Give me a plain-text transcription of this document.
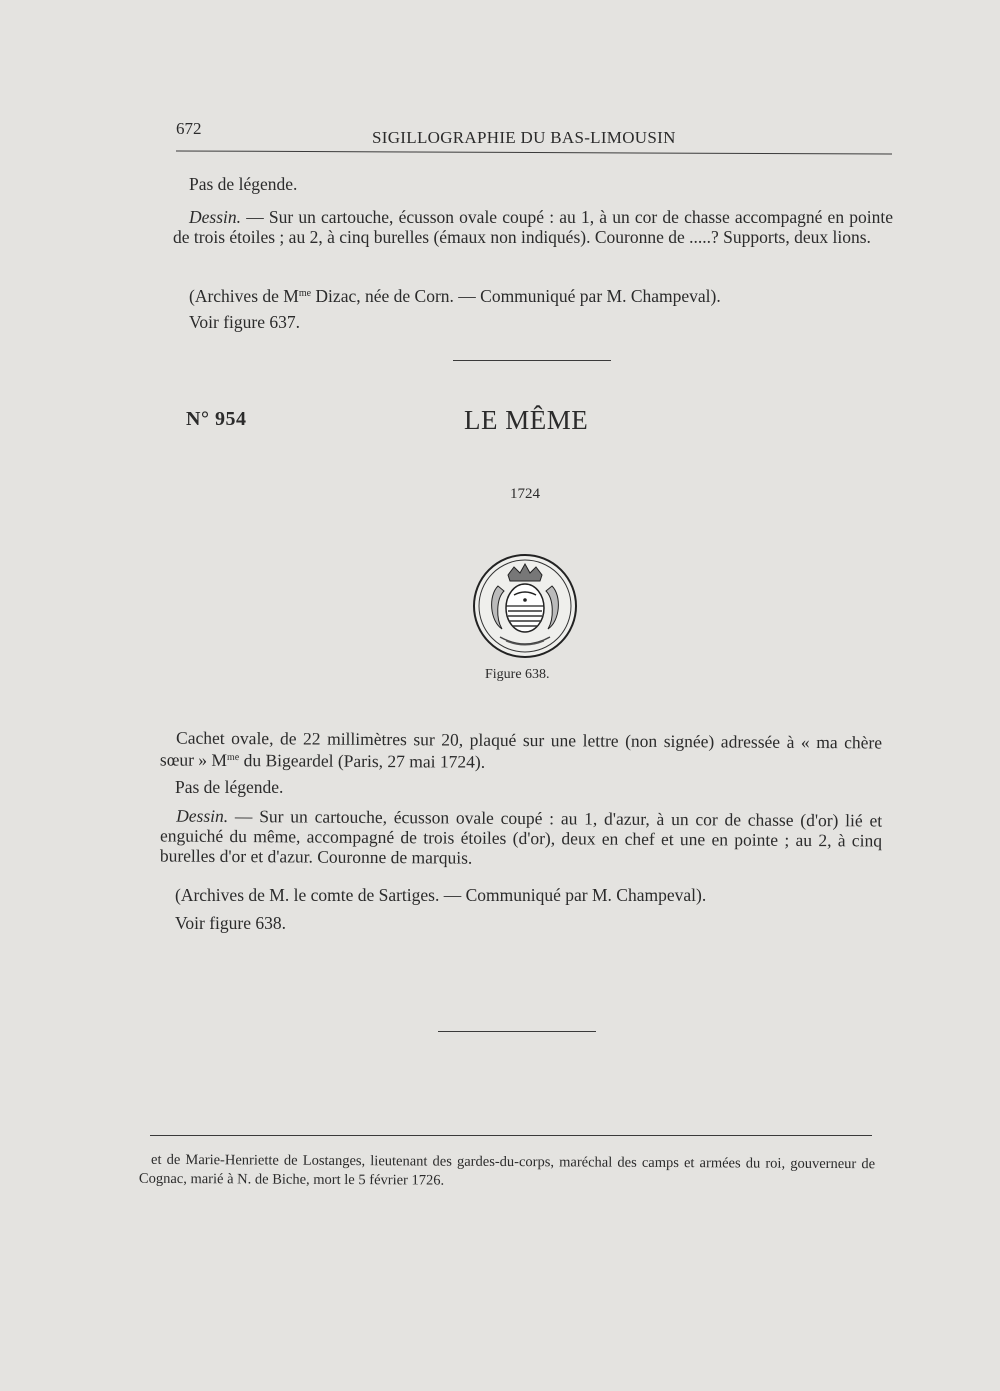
672	SIGILLOGRAPHIE DU BAS-LIMOUSIN

Pas de légende.

Dessin. — Sur un cartouche, écusson ovale coupé : au 1, à un cor de chasse accompagné en pointe de trois étoiles ; au 2, à cinq burelles (émaux non indiqués). Couronne de .....? Supports, deux lions.

(Archives de $M^{me}$ Dizac, née de Corn. — Communiqué par M. Champeval).

Voir figure 637.

N° 954	LE MÊME
1724
Figure 638.

Cachet ovale, de 22 millimètres sur 20, plaqué sur une lettre (non signée) adressée à « ma chère sœur » $M^{me}$ du Bigeardel (Paris, 27 mai 1724).

Pas de légende.

Dessin. — Sur un cartouche, écusson ovale coupé : au 1, d'azur, à un cor de chasse (d'or) lié et enguiché du même, accompagné de trois étoiles (d'or), deux en chef et une en pointe ; au 2, à cinq burelles d'or et d'azur. Couronne de marquis.

(Archives de M. le comte de Sartiges. — Communiqué par M. Champeval).

Voir figure 638.

et de Marie-Henriette de Lostanges, lieutenant des gardes-du-corps, maréchal des camps et armées du roi, gouverneur de Cognac, marié à N. de Biche, mort le 5 février 1726.
